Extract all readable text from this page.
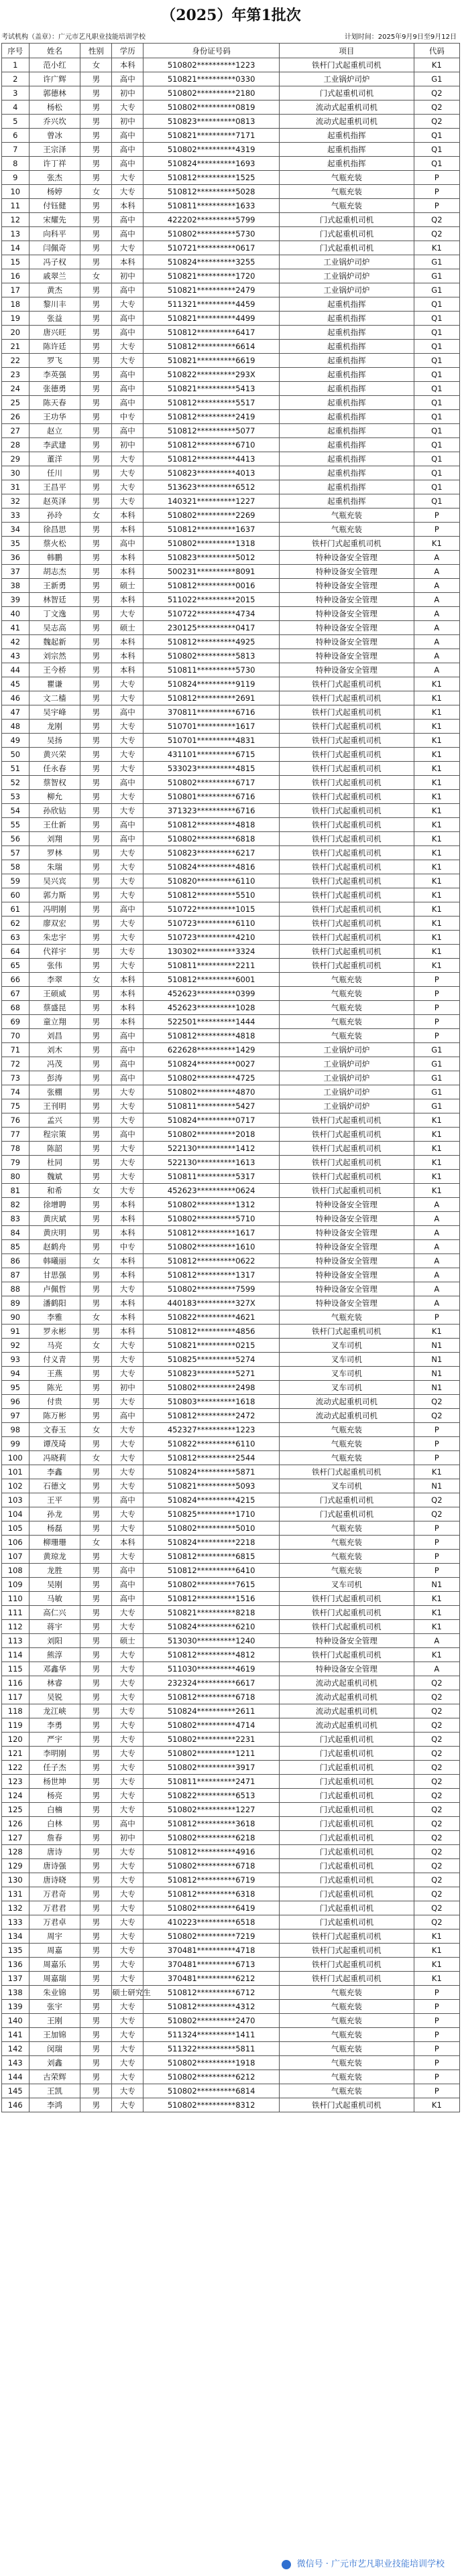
（2025）年第1批次
考试机构（盖章）：广元市艺凡职业技能培训学校	计划时间：2025年9月9日至9月12日
序号	姓名	性别	学历	身份证号码	项目	代码
1	范小红	女	本科	510802**********1223	铁杆门式起重机司机	K1
2	许广辉	男	高中	510821**********0330	工业锅炉司炉	G1
3	郭德林	男	初中	510802**********2180	门式起重机司机	Q2
4	杨松	男	大专	510802**********0819	流动式起重机司机	Q2
5	乔兴坎	男	初中	510823**********0813	流动式起重机司机	Q2
6	曾冰	男	高中	510821**********7171	起重机指挥	Q1
7	王宗泽	男	高中	510802**********4319	起重机指挥	Q1
8	许丁祥	男	高中	510824**********1693	起重机指挥	Q1
9	张杰	男	大专	510812**********1525	气瓶充装	P
10	杨婷	女	大专	510812**********5028	气瓶充装	P
11	付钰健	男	本科	510811**********1633	气瓶充装	P
12	宋耀先	男	高中	422202**********5799	门式起重机司机	Q2
13	向科平	男	高中	510802**********5730	门式起重机司机	Q2
14	闫佩奇	男	大专	510721**********0617	门式起重机司机	K1
15	冯子权	男	本科	510824**********3255	工业锅炉司炉	G1
16	戚翠兰	女	初中	510821**********1720	工业锅炉司炉	G1
17	黄杰	男	高中	510821**********2479	工业锅炉司炉	G1
18	黎川丰	男	大专	511321**********4459	起重机指挥	Q1
19	张益	男	高中	510821**********4499	起重机指挥	Q1
20	唐兴旺	男	高中	510812**********6417	起重机指挥	Q1
21	陈许廷	男	大专	510812**********6614	起重机指挥	Q1
22	罗飞	男	大专	510821**********6619	起重机指挥	Q1
23	李英强	男	高中	510822**********293X	起重机指挥	Q1
24	张德勇	男	高中	510821**********5413	起重机指挥	Q1
25	陈天春	男	高中	510812**********5517	起重机指挥	Q1
26	王功华	男	中专	510812**********2419	起重机指挥	Q1
27	赵立	男	高中	510812**********5077	起重机指挥	Q1
28	李武建	男	初中	510812**********6710	起重机指挥	Q1
29	董洋	男	大专	510812**********4413	起重机指挥	Q1
30	任川	男	大专	510823**********4013	起重机指挥	Q1
31	王昌平	男	大专	513623**********6512	起重机指挥	Q1
32	赵英泽	男	大专	140321**********1227	起重机指挥	Q1
33	孙玲	女	本科	510802**********2269	气瓶充装	P
34	徐昌思	男	本科	510812**********1637	气瓶充装	P
35	蔡火松	男	高中	510802**********1318	铁杆门式起重机司机	K1
36	韩鹏	男	本科	510823**********5012	特种设备安全管理	A
37	胡志杰	男	本科	500231**********8091	特种设备安全管理	A
38	王新勇	男	硕士	510812**********0016	特种设备安全管理	A
39	林智廷	男	本科	511022**********2015	特种设备安全管理	A
40	丁文逸	男	大专	510722**********4734	特种设备安全管理	A
41	吴志高	男	硕士	230125**********0417	特种设备安全管理	A
42	魏起新	男	本科	510812**********4925	特种设备安全管理	A
43	刘宗然	男	本科	510802**********5813	特种设备安全管理	A
44	王今桥	男	本科	510811**********5730	特种设备安全管理	A
45	瞿谦	男	大专	510824**********9119	铁杆门式起重机司机	K1
46	文二樯	男	大专	510812**********2691	铁杆门式起重机司机	K1
47	吴宇峰	男	高中	370811**********6716	铁杆门式起重机司机	K1
48	龙刚	男	大专	510701**********1617	铁杆门式起重机司机	K1
49	吴扬	男	大专	510701**********4831	铁杆门式起重机司机	K1
50	黄兴荣	男	大专	431101**********6715	铁杆门式起重机司机	K1
51	任永春	男	大专	533023**********4815	铁杆门式起重机司机	K1
52	蔡智权	男	高中	510802**********6717	铁杆门式起重机司机	K1
53	柳允	男	大专	510801**********6716	铁杆门式起重机司机	K1
54	孙欣钻	男	大专	371323**********6716	铁杆门式起重机司机	K1
55	王仕新	男	高中	510812**********4818	铁杆门式起重机司机	K1
56	刘翔	男	高中	510802**********6818	铁杆门式起重机司机	K1
57	罗林	男	大专	510823**********6217	铁杆门式起重机司机	K1
58	朱瑞	男	大专	510824**********4816	铁杆门式起重机司机	K1
59	吴兴宾	男	大专	510820**********6110	铁杆门式起重机司机	K1
60	郭力斯	男	大专	510812**********5510	铁杆门式起重机司机	K1
61	冯明刚	男	高中	510722**********1015	铁杆门式起重机司机	K1
62	廖双宏	男	大专	510723**********6110	铁杆门式起重机司机	K1
63	朱忠宇	男	大专	510723**********4210	铁杆门式起重机司机	K1
64	代祥宇	男	大专	130302**********3324	铁杆门式起重机司机	K1
65	张伟	男	大专	510811**********2211	铁杆门式起重机司机	K1
66	李翠	女	本科	510812**********6001	气瓶充装	P
67	王硕威	男	本科	452623**********0399	气瓶充装	P
68	蔡盛昆	男	本科	452623**********1028	气瓶充装	P
69	童立翔	男	本科	522501**********1444	气瓶充装	P
70	刘昌	男	高中	510812**********4818	气瓶充装	P
71	刘木	男	高中	622628**********1429	工业锅炉司炉	G1
72	冯茂	男	高中	510824**********0027	工业锅炉司炉	G1
73	彭涛	男	高中	510802**********4725	工业锅炉司炉	G1
74	张棚	男	大专	510802**********4870	工业锅炉司炉	G1
75	王刊明	男	大专	510811**********5427	工业锅炉司炉	G1
76	孟兴	男	大专	510824**********0717	铁杆门式起重机司机	K1
77	程宗策	男	高中	510802**********2018	铁杆门式起重机司机	K1
78	陈韶	男	大专	522130**********1412	铁杆门式起重机司机	K1
79	杜同	男	大专	522130**********1613	铁杆门式起重机司机	K1
80	魏斌	男	大专	510811**********5317	铁杆门式起重机司机	K1
81	和希	女	大专	452623**********0624	铁杆门式起重机司机	K1
82	徐增聘	男	本科	510802**********1312	特种设备安全管理	A
83	黄庆斌	男	本科	510802**********5710	特种设备安全管理	A
84	黄庆明	男	本科	510812**********1617	特种设备安全管理	A
85	赵鹤舟	男	中专	510802**********1610	特种设备安全管理	A
86	韩曦丽	女	本科	510812**********0622	特种设备安全管理	A
87	甘思强	男	本科	510812**********1317	特种设备安全管理	A
88	卢佩哲	男	大专	510802**********7599	特种设备安全管理	A
89	潘鹤阳	男	本科	440183**********327X	特种设备安全管理	A
90	李雅	女	本科	510822**********4621	气瓶充装	P
91	罗永彬	男	本科	510812**********4856	铁杆门式起重机司机	K1
92	马亮	女	大专	510821**********0215	叉车司机	N1
93	付义青	男	大专	510825**********5274	叉车司机	N1
94	王燕	男	大专	510823**********5271	叉车司机	N1
95	陈光	男	初中	510802**********2498	叉车司机	N1
96	付贵	男	大专	510803**********1618	流动式起重机司机	Q2
97	陈万彬	男	高中	510812**********2472	流动式起重机司机	Q2
98	文春玉	女	大专	452327**********1223	气瓶充装	P
99	谭茂琦	男	大专	510822**********6110	气瓶充装	P
100	冯晓莉	女	大专	510812**********2544	气瓶充装	P
101	李鑫	男	大专	510824**********5871	铁杆门式起重机司机	K1
102	石德文	男	大专	510821**********5093	叉车司机	N1
103	王平	男	高中	510824**********4215	门式起重机司机	Q2
104	孙龙	男	大专	510825**********1710	门式起重机司机	Q2
105	杨磊	男	大专	510802**********5010	气瓶充装	P
106	柳珊珊	女	本科	510824**********2218	气瓶充装	P
107	黄琼龙	男	大专	510812**********6815	气瓶充装	P
108	龙胜	男	高中	510812**********6410	气瓶充装	P
109	吴刚	男	高中	510802**********7615	叉车司机	N1
110	马敏	男	高中	510812**********1516	铁杆门式起重机司机	K1
111	高仁兴	男	大专	510821**********8218	铁杆门式起重机司机	K1
112	蒋宇	男	大专	510824**********6210	铁杆门式起重机司机	K1
113	刘阳	男	硕士	513030**********1240	特种设备安全管理	A
114	熊淳	男	大专	510812**********4812	铁杆门式起重机司机	K1
115	邓鑫华	男	大专	511030**********4619	特种设备安全管理	A
116	林睿	男	大专	232324**********6617	流动式起重机司机	Q2
117	吴锐	男	大专	510812**********6718	流动式起重机司机	Q2
118	龙江峡	男	大专	510824**********2611	流动式起重机司机	Q2
119	李勇	男	大专	510802**********4714	流动式起重机司机	Q2
120	严宇	男	大专	510802**********2231	门式起重机司机	Q2
121	李明刚	男	大专	510802**********1211	门式起重机司机	Q2
122	任子杰	男	大专	510802**********3917	门式起重机司机	Q2
123	杨世坤	男	大专	510811**********2471	门式起重机司机	Q2
124	杨亮	男	大专	510822**********6513	门式起重机司机	Q2
125	白楠	男	大专	510802**********1227	门式起重机司机	Q2
126	白林	男	高中	510812**********3618	门式起重机司机	Q2
127	詹春	男	初中	510802**********6218	门式起重机司机	Q2
128	唐诗	男	大专	510812**********4916	门式起重机司机	Q2
129	唐诗强	男	大专	510802**********6718	门式起重机司机	Q2
130	唐诗晓	男	大专	510812**********6719	门式起重机司机	Q2
131	万君奇	男	大专	510812**********6318	门式起重机司机	Q2
132	万君君	男	大专	510802**********6419	门式起重机司机	Q2
133	万君卓	男	大专	410223**********6518	门式起重机司机	Q2
134	周宇	男	大专	510802**********7219	铁杆门式起重机司机	K1
135	周嘉	男	大专	370481**********4718	铁杆门式起重机司机	K1
136	周嘉乐	男	大专	370481**********6713	铁杆门式起重机司机	K1
137	周嘉瑞	男	大专	370481**********6212	铁杆门式起重机司机	K1
138	朱业锦	男	硕士研究生	510812**********6712	气瓶充装	P
139	张宇	男	大专	510812**********4312	气瓶充装	P
140	王刚	男	大专	510802**********2470	气瓶充装	P
141	王加锦	男	大专	511324**********1411	气瓶充装	P
142	闵瑞	男	大专	511322**********5811	气瓶充装	P
143	刘鑫	男	大专	510802**********1918	气瓶充装	P
144	古荣辉	男	大专	510802**********6212	气瓶充装	P
145	王凯	男	大专	510802**********6814	气瓶充装	P
146	李鸿	男	大专	510802**********8312	铁杆门式起重机司机	K1
微信号 · 广元市艺凡职业技能培训学校
